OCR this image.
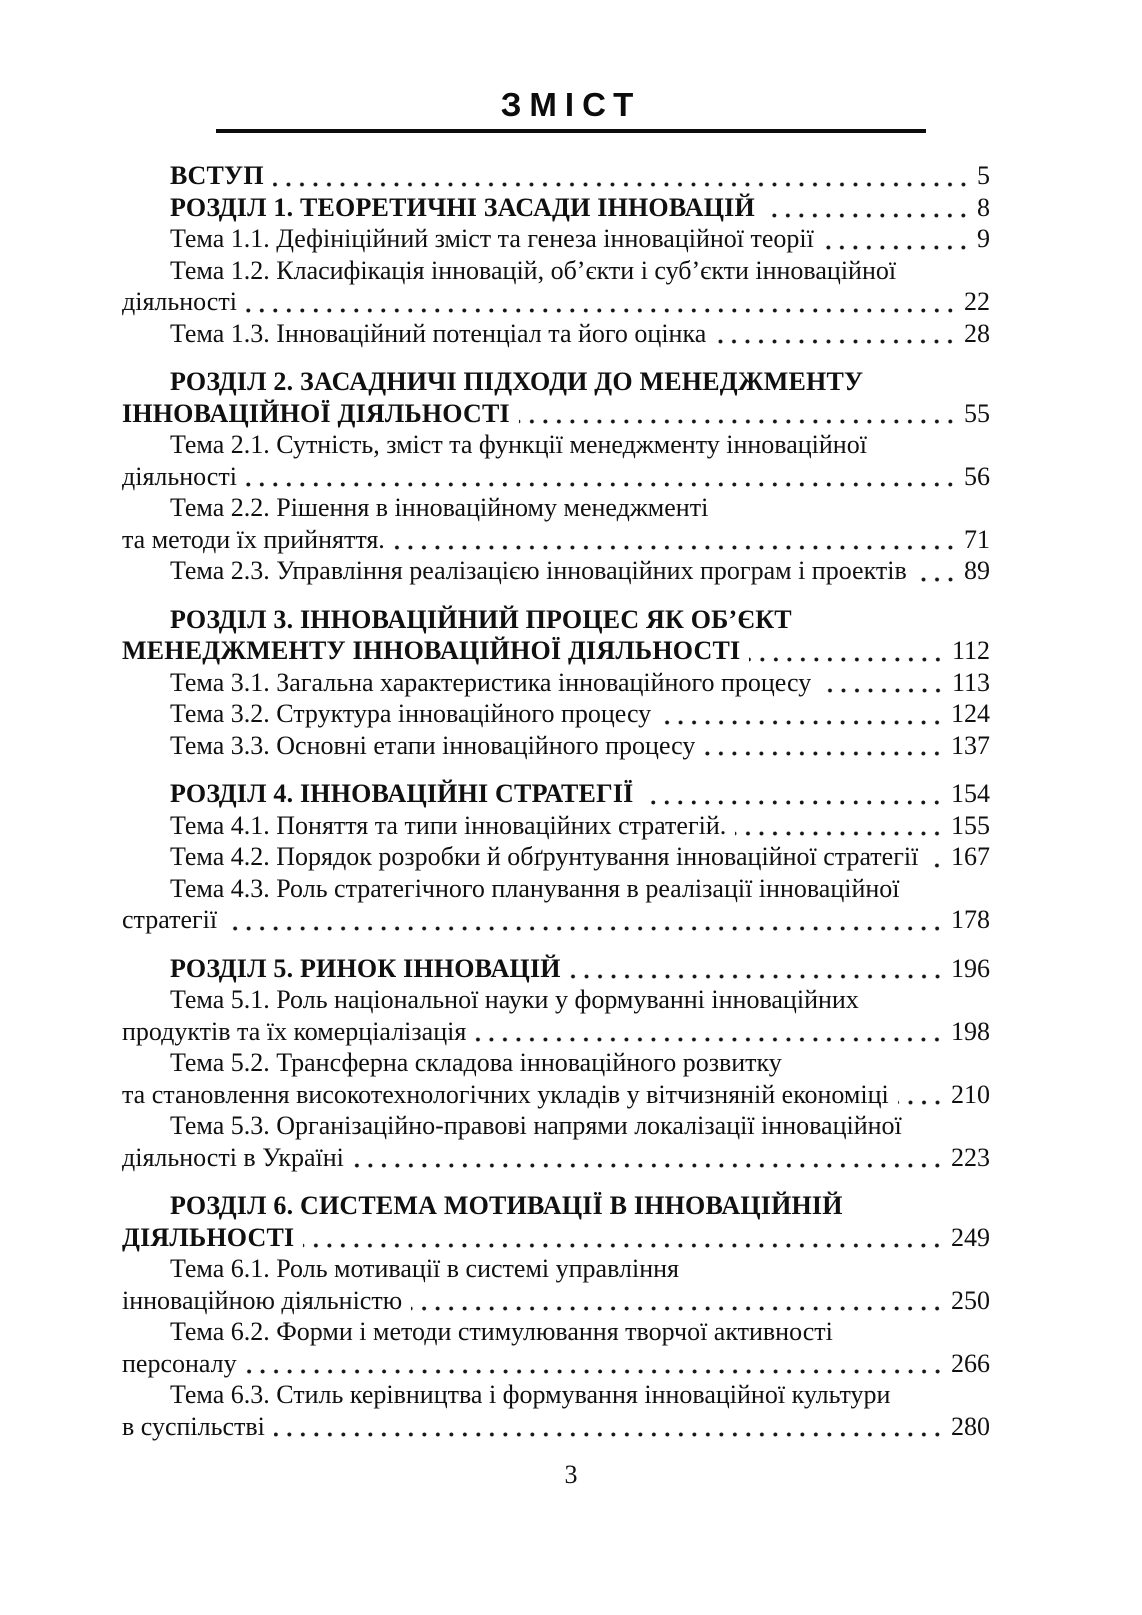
ЗМІСТ
ВСТУП	5
РОЗДІЛ 1. ТЕОРЕТИЧНІ ЗАСАДИ ІННОВАЦІЙ	8
Тема 1.1. Дефініційний зміст та генеза інноваційної теорії	9
Тема 1.2. Класифікація інновацій, об’єкти і суб’єкти інноваційної
діяльності	22
Тема 1.3. Інноваційний потенціал та його оцінка	28
РОЗДІЛ 2. ЗАСАДНИЧІ ПІДХОДИ ДО МЕНЕДЖМЕНТУ
ІННОВАЦІЙНОЇ ДІЯЛЬНОСТІ	55
Тема 2.1. Сутність, зміст та функції менеджменту інноваційної
діяльності	56
Тема 2.2. Рішення в інноваційному менеджменті
та методи їх прийняття.	71
Тема 2.3. Управління реалізацією інноваційних програм і проектів 89
РОЗДІЛ 3. ІННОВАЦІЙНИЙ ПРОЦЕС ЯК ОБ’ЄКТ
МЕНЕДЖМЕНТУ ІННОВАЦІЙНОЇ ДІЯЛЬНОСТІ	112
Тема 3.1. Загальна характеристика інноваційного процесу	113
Тема 3.2. Структура інноваційного процесу	124
Тема 3.3. Основні етапи інноваційного процесу	137
РОЗДІЛ 4. ІННОВАЦІЙНІ СТРАТЕГІЇ	154
Тема 4.1. Поняття та типи інноваційних стратегій.	155
Тема 4.2. Порядок розробки й обґрунтування інноваційної стратегії 167
Тема 4.3. Роль стратегічного планування в реалізації інноваційної
стратегії	178
РОЗДІЛ 5. РИНОК ІННОВАЦІЙ	196
Тема 5.1. Роль національної науки у формуванні інноваційних
продуктів та їх комерціалізація	198
Тема 5.2. Трансферна складова інноваційного розвитку
та становлення високотехнологічних укладів у вітчизняній економіці 210
Тема 5.3. Організаційно-правові напрями локалізації інноваційної
діяльності в Україні	223
РОЗДІЛ 6. СИСТЕМА МОТИВАЦІЇ В ІННОВАЦІЙНІЙ
ДІЯЛЬНОСТІ	249
Тема 6.1. Роль мотивації в системі управління
інноваційною діяльністю	250
Тема 6.2. Форми і методи стимулювання творчої активності
персоналу	266
Тема 6.3. Стиль керівництва і формування інноваційної культури
в суспільстві	280
3
